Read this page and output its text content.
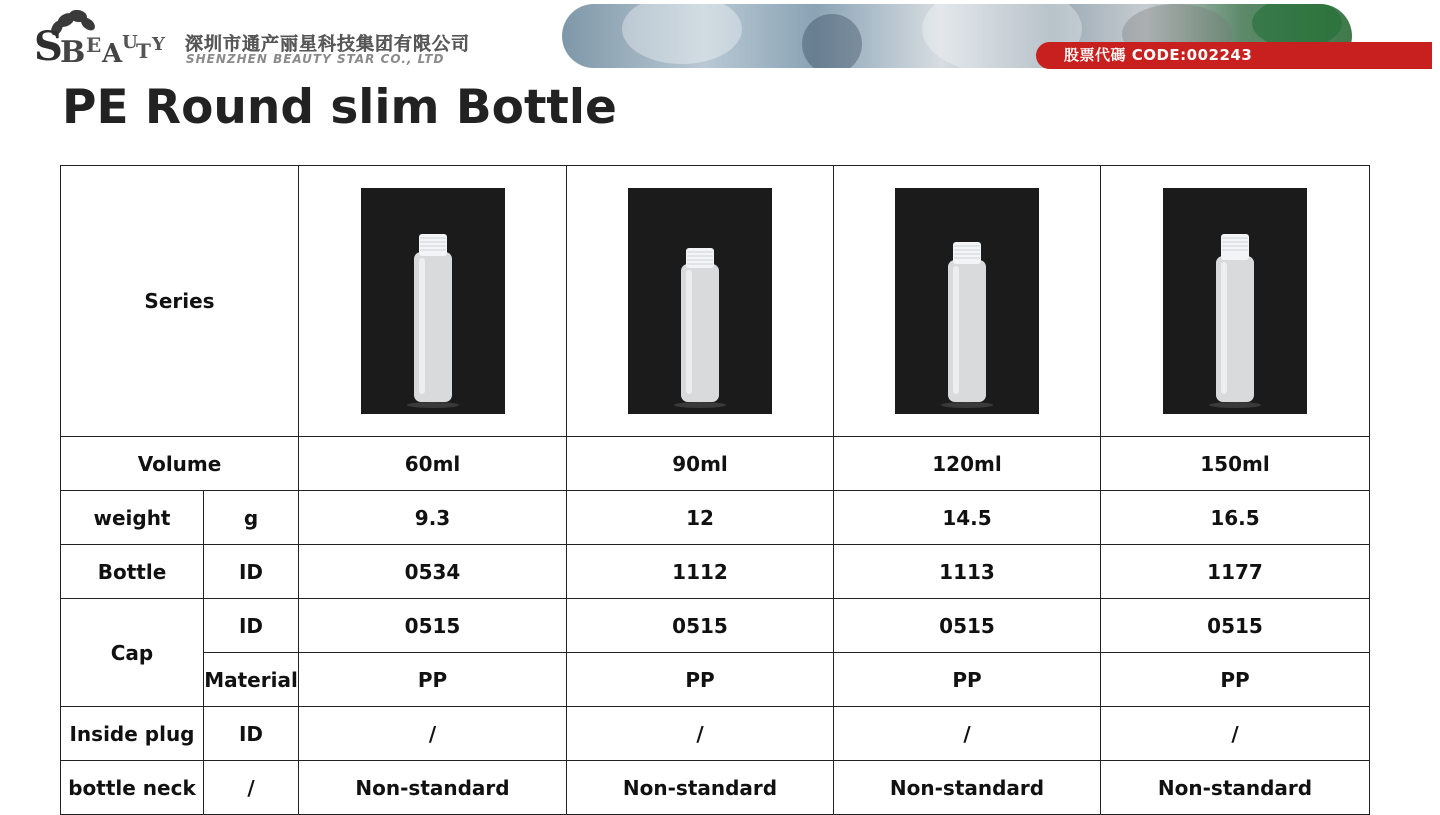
S
B E A U
T Y 深圳市通产丽星科技集团有限公司
SHENZHEN BEAUTY STAR CO., LTD	股票代碼 CODE:002243
PE Round slim Bottle
Series	

Volume		60ml	90ml	120ml	150ml
weight	g	9.3	12	14.5	16.5
Bottle	ID	0534	1112	1113	1177
Cap	ID	0515	0515	0515	0515
	Material	PP	PP	PP	PP
Inside plug	ID	/	/	/	/
bottle neck	/	Non-standard	Non-standard	Non-standard	Non-standard
